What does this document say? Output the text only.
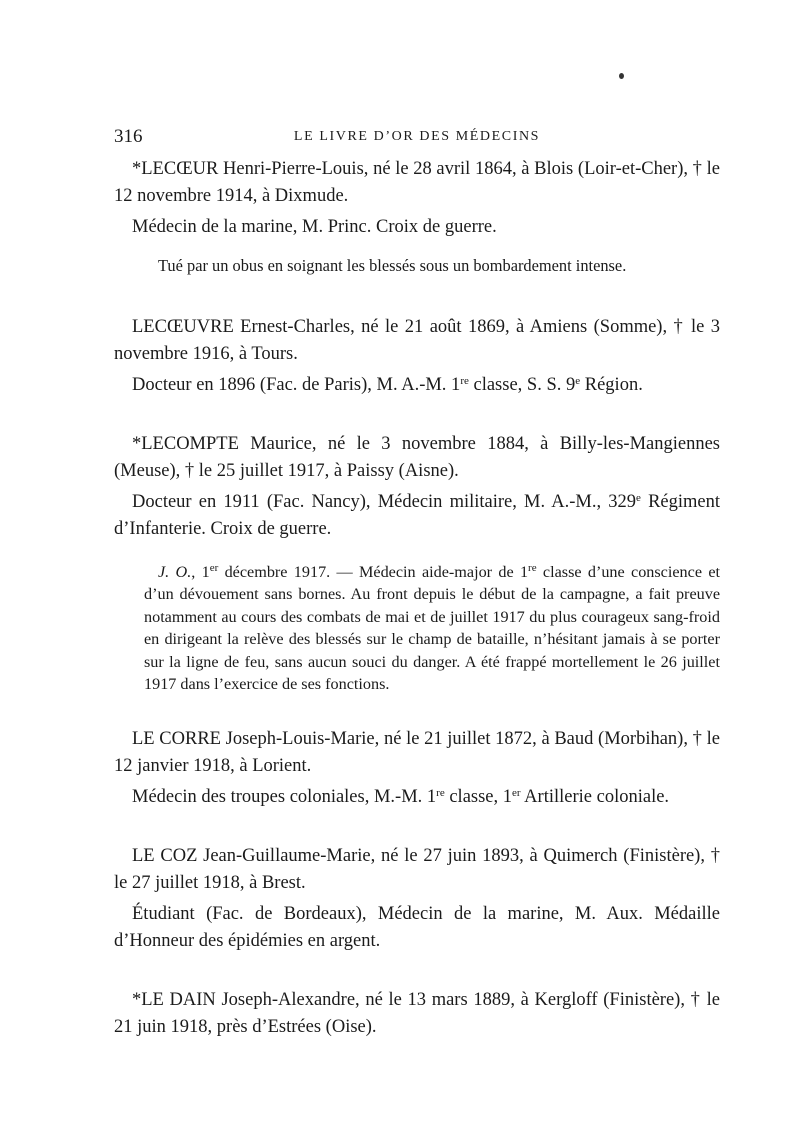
316	LE LIVRE D’OR DES MÉDECINS

*LECŒUR Henri-Pierre-Louis, né le 28 avril 1864, à Blois (Loir-et-Cher), † le 12 novembre 1914, à Dixmude.

Médecin de la marine, M. Princ. Croix de guerre.

Tué par un obus en soignant les blessés sous un bombardement intense.

LECŒUVRE Ernest-Charles, né le 21 août 1869, à Amiens (Somme), † le 3 novembre 1916, à Tours.

Docteur en 1896 (Fac. de Paris), M. A.-M. 1re classe, S. S. 9e Région.

*LECOMPTE Maurice, né le 3 novembre 1884, à Billy-les-Mangiennes (Meuse), † le 25 juillet 1917, à Paissy (Aisne).

Docteur en 1911 (Fac. Nancy), Médecin militaire, M. A.-M., 329e Régiment d’Infanterie. Croix de guerre.

J. O., 1er décembre 1917. — Médecin aide-major de 1re classe d’une conscience et d’un dévouement sans bornes. Au front depuis le début de la campagne, a fait preuve notamment au cours des combats de mai et de juillet 1917 du plus courageux sang-froid en dirigeant la relève des blessés sur le champ de bataille, n’hésitant jamais à se porter sur la ligne de feu, sans aucun souci du danger. A été frappé mortellement le 26 juillet 1917 dans l’exercice de ses fonctions.

LE CORRE Joseph-Louis-Marie, né le 21 juillet 1872, à Baud (Morbihan), † le 12 janvier 1918, à Lorient.

Médecin des troupes coloniales, M.-M. 1re classe, 1er Artillerie coloniale.

LE COZ Jean-Guillaume-Marie, né le 27 juin 1893, à Quimerch (Finistère), † le 27 juillet 1918, à Brest.

Étudiant (Fac. de Bordeaux), Médecin de la marine, M. Aux. Médaille d’Honneur des épidémies en argent.

*LE DAIN Joseph-Alexandre, né le 13 mars 1889, à Kergloff (Finistère), † le 21 juin 1918, près d’Estrées (Oise).
